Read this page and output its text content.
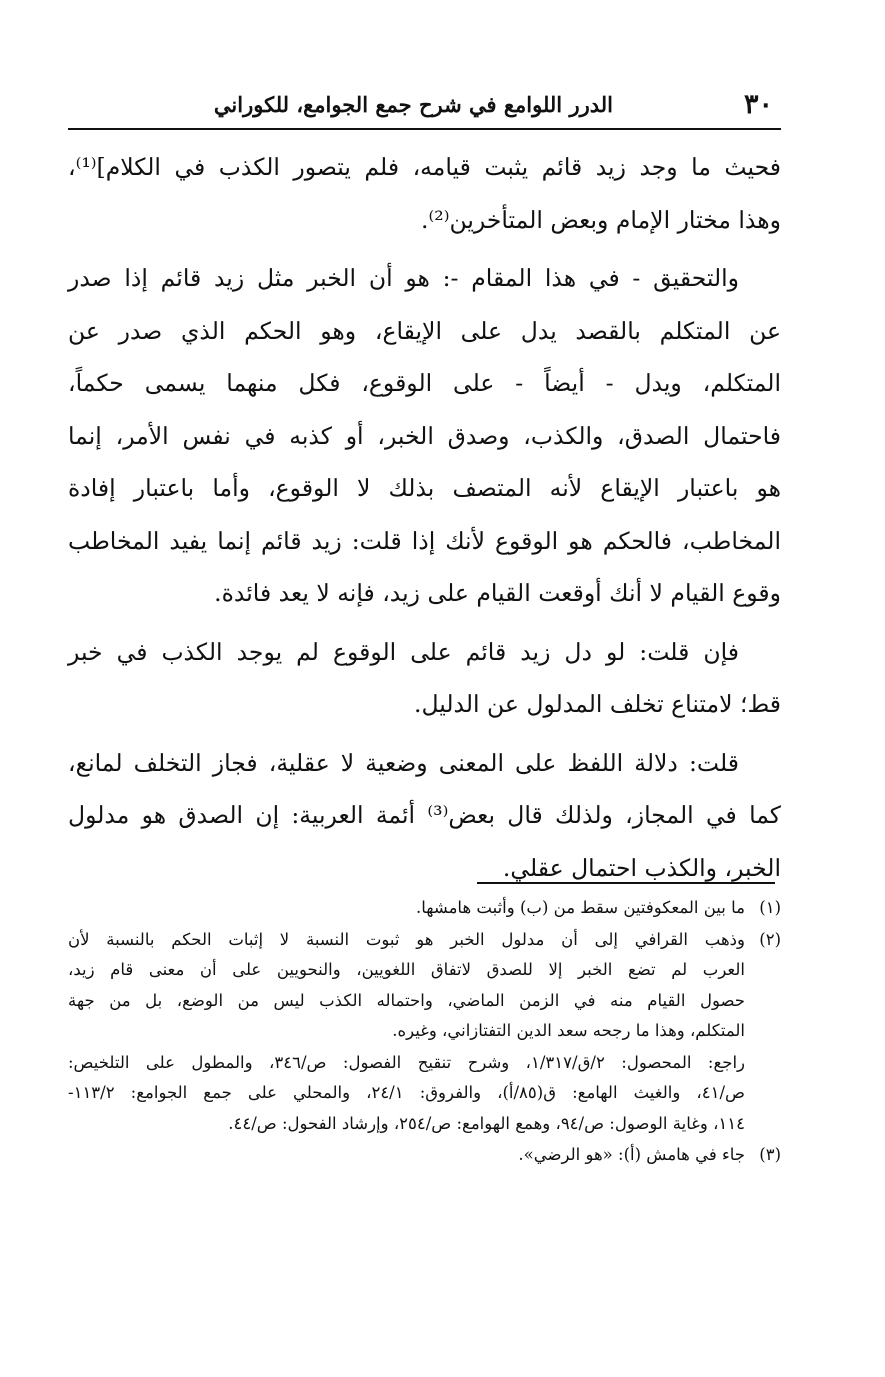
٣٠
الدرر اللوامع في شرح جمع الجوامع، للكوراني

فحيث ما وجد زيد قائم يثبت قيامه، فلم يتصور الكذب في الكلام]⁽¹⁾،
وهذا مختار الإمام وبعض المتأخرين⁽²⁾.

والتحقيق - في هذا المقام -: هو أن الخبر مثل زيد قائم إذا صدر
عن المتكلم بالقصد يدل على الإيقاع، وهو الحكم الذي صدر عن
المتكلم، ويدل - أيضاً - على الوقوع، فكل منهما يسمى حكماً،
فاحتمال الصدق، والكذب، وصدق الخبر، أو كذبه في نفس الأمر، إنما
هو باعتبار الإيقاع لأنه المتصف بذلك لا الوقوع، وأما باعتبار إفادة
المخاطب، فالحكم هو الوقوع لأنك إذا قلت: زيد قائم إنما يفيد المخاطب
وقوع القيام لا أنك أوقعت القيام على زيد، فإنه لا يعد فائدة.

فإن قلت: لو دل زيد قائم على الوقوع لم يوجد الكذب في خبر
قط؛ لامتناع تخلف المدلول عن الدليل.

قلت: دلالة اللفظ على المعنى وضعية لا عقلية، فجاز التخلف لمانع،
كما في المجاز، ولذلك قال بعض⁽³⁾ أئمة العربية: إن الصدق هو مدلول
الخبر، والكذب احتمال عقلي.

(١)
ما بين المعكوفتين سقط من (ب) وأثبت هامشها.
(٢)
وذهب القرافي إلى أن مدلول الخبر هو ثبوت النسبة لا إثبات الحكم بالنسبة لأن
العرب لم تضع الخبر إلا للصدق لاتفاق اللغويين، والنحويين على أن معنى قام زيد،
حصول القيام منه في الزمن الماضي، واحتماله الكذب ليس من الوضع، بل من جهة
المتكلم، وهذا ما رجحه سعد الدين التفتازاني، وغيره.
راجع: المحصول: ٢/ق/١/٣١٧، وشرح تنقيح الفصول: ص/٣٤٦، والمطول على التلخيص:
ص/٤١، والغيث الهامع: ق(٨٥/أ)، والفروق: ٢٤/١، والمحلي على جمع الجوامع: ١١٣/٢-
١١٤، وغاية الوصول: ص/٩٤، وهمع الهوامع: ص/٢٥٤، وإرشاد الفحول: ص/٤٤.
(٣)
جاء في هامش (أ): «هو الرضي».
